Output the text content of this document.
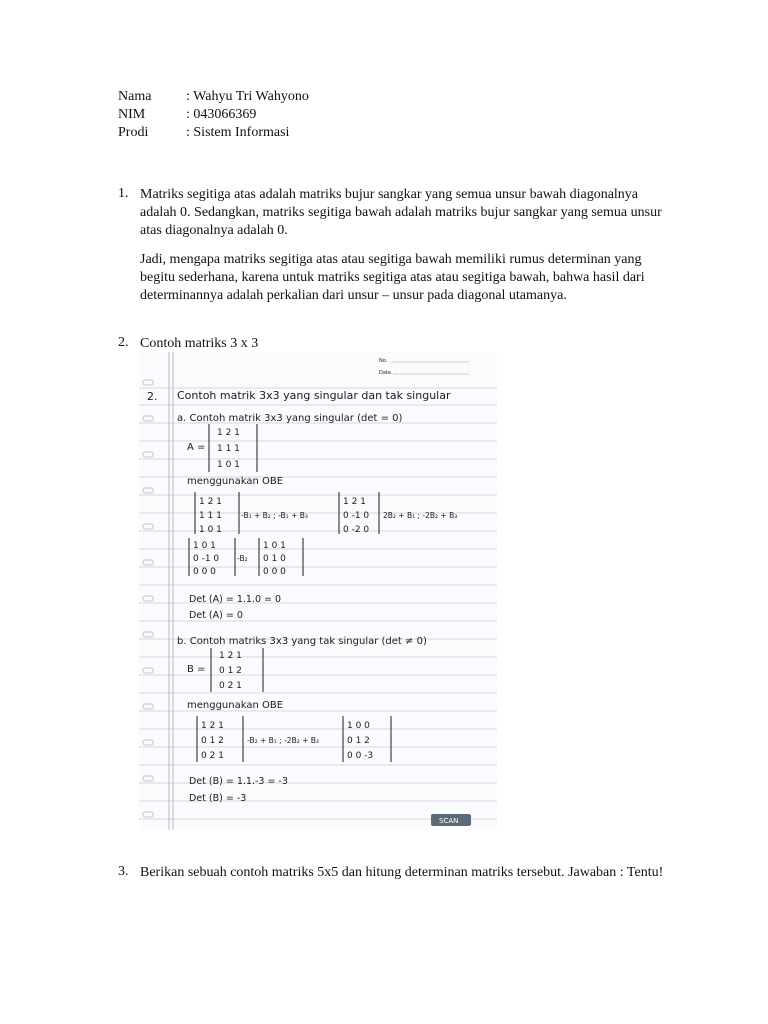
Nama	: Wahyu Tri Wahyono
NIM	: 043066369
Prodi	: Sistem Informasi
1. Matriks segitiga atas adalah matriks bujur sangkar yang semua unsur bawah diagonalnya
adalah 0. Sedangkan, matriks segitiga bawah adalah matriks bujur sangkar yang semua unsur
atas diagonalnya adalah 0.
Jadi, mengapa matriks segitiga atas atau segitiga bawah memiliki rumus determinan yang
begitu sederhana, karena untuk matriks segitiga atas atau segitiga bawah, bahwa hasil dari
determinannya adalah perkalian dari unsur – unsur pada diagonal utamanya.
2. Contoh matriks 3 x 3
No.
Date.
2. Contoh matrik 3x3 yang singular dan tak singular
a. Contoh matrik 3x3 yang singular (det = 0)
A =
1 2 1
1 1 1
1 0 1
menggunakan OBE
1 2 1
1 1 1
1 0 1
-B₁ + B₂ ; -B₁ + B₃
1 2 1
0 -1 0
0 -2 0
2B₂ + B₁ ; -2B₂ + B₃
1 0 1
0 -1 0
0 0 0
-B₂
1 0 1
0 1 0
0 0 0
Det (A) = 1.1.0 = 0
Det (A) = 0
b. Contoh matriks 3x3 yang tak singular (det ≠ 0)
B =
1 2 1
0 1 2
0 2 1
menggunakan OBE
1 2 1
0 1 2
0 2 1
-B₂ + B₁ ; -2B₂ + B₃
1 0 0
0 1 2
0 0 -3
Det (B) = 1.1.-3 = -3
Det (B) = -3
SCAN
3. Berikan sebuah contoh matriks 5x5 dan hitung determinan matriks tersebut. Jawaban : Tentu!
